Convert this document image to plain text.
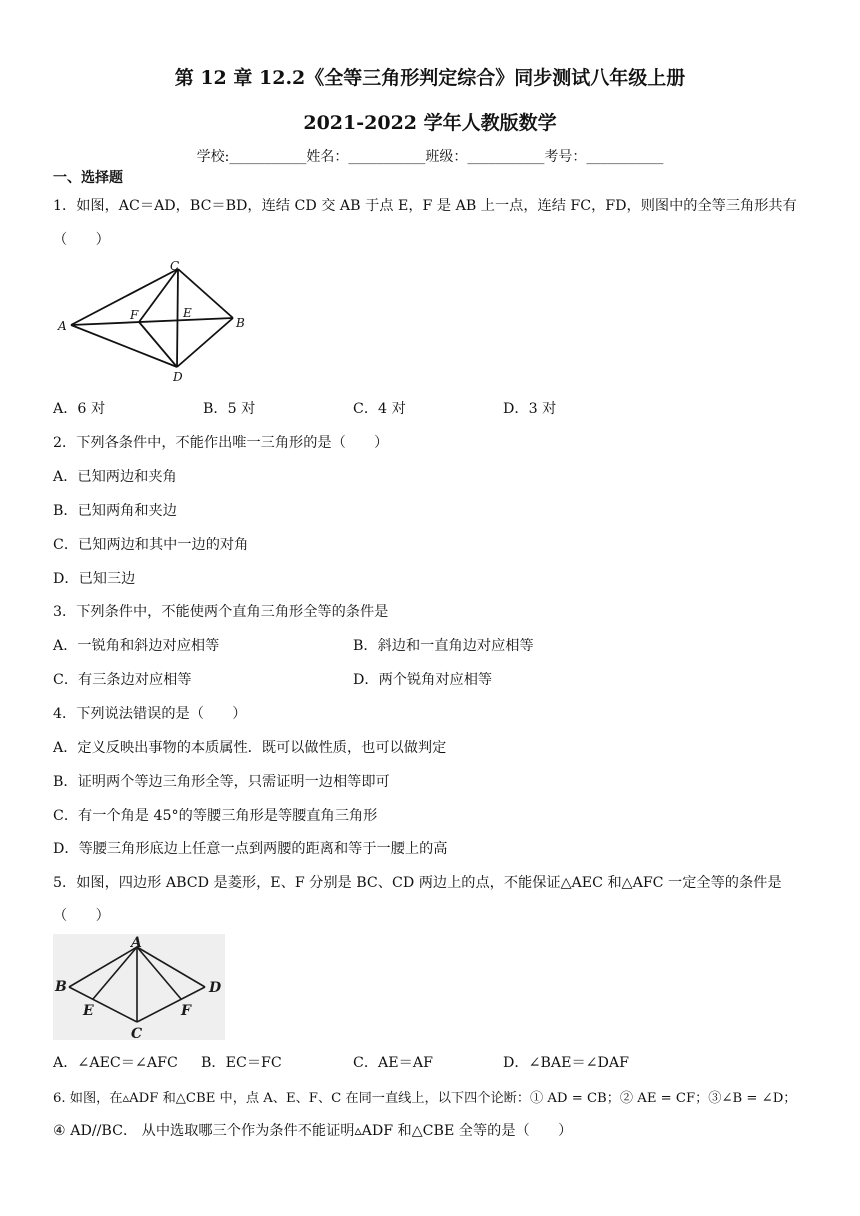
第 12 章 12.2《全等三角形判定综合》同步测试八年级上册
2021-2022 学年人教版数学
学校:___________姓名：___________班级：___________考号：___________
一、选择题
1．如图，AC＝AD，BC＝BD，连结 CD 交 AB 于点 E，F 是 AB 上一点，连结 FC，FD，则图中的全等三角形共有
（　　）
A	B
C
D
E
F
A．6 对	B．5 对	C．4 对	D．3 对
2．下列各条件中，不能作出唯一三角形的是（　　）
A．已知两边和夹角
B．已知两角和夹边
C．已知两边和其中一边的对角
D．已知三边
3．下列条件中，不能使两个直角三角形全等的条件是
A．一锐角和斜边对应相等	B．斜边和一直角边对应相等
C．有三条边对应相等	D．两个锐角对应相等
4．下列说法错误的是（　　）
A．定义反映出事物的本质属性．既可以做性质，也可以做判定
B．证明两个等边三角形全等，只需证明一边相等即可
C．有一个角是 45°的等腰三角形是等腰直角三角形
D．等腰三角形底边上任意一点到两腰的距离和等于一腰上的高
5．如图，四边形 ABCD 是菱形，E、F 分别是 BC、CD 两边上的点，不能保证△AEC 和△AFC 一定全等的条件是
（　　）
A
B
C
D
E	F
A．∠AEC＝∠AFC B．EC＝FC	C．AE＝AF	D．∠BAE＝∠DAF
6. 如图，在▵ADF 和△CBE 中，点 A、E、F、C 在同一直线上，以下四个论断：① AD = CB；② AE = CF；③∠B = ∠D；
④ AD//BC． 从中选取哪三个作为条件不能证明▵ADF 和△CBE 全等的是（　　）
